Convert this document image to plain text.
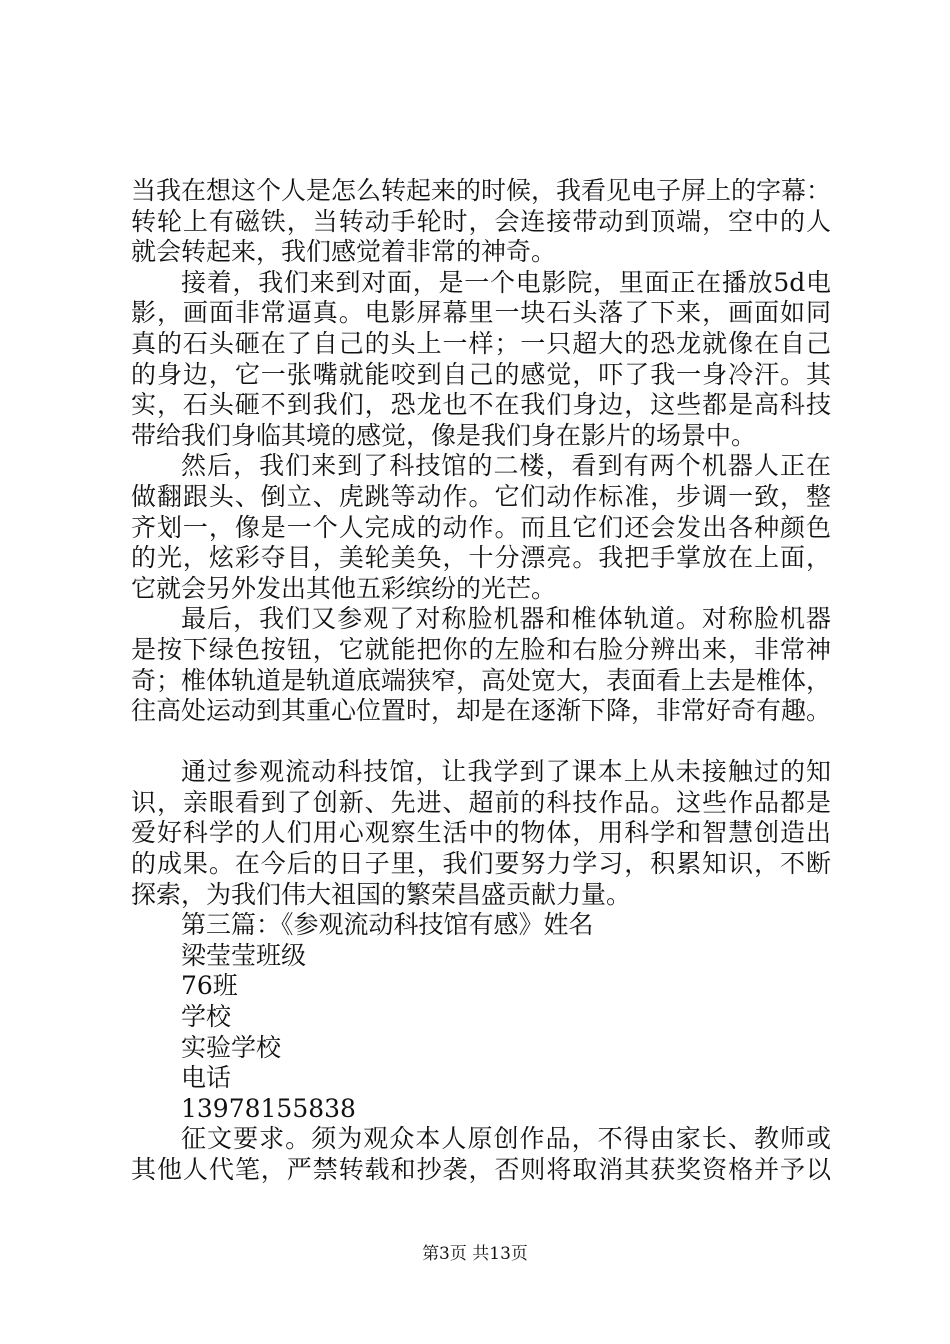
当我在想这个人是怎么转起来的时候，我看见电子屏上的字幕：
转轮上有磁铁，当转动手轮时，会连接带动到顶端，空中的人
就会转起来，我们感觉着非常的神奇。
接着，我们来到对面，是一个电影院，里面正在播放5d电
影，画面非常逼真。电影屏幕里一块石头落了下来，画面如同
真的石头砸在了自己的头上一样；一只超大的恐龙就像在自己
的身边，它一张嘴就能咬到自己的感觉，吓了我一身冷汗。其
实，石头砸不到我们，恐龙也不在我们身边，这些都是高科技
带给我们身临其境的感觉，像是我们身在影片的场景中。
然后，我们来到了科技馆的二楼，看到有两个机器人正在
做翻跟头、倒立、虎跳等动作。它们动作标准，步调一致，整
齐划一，像是一个人完成的动作。而且它们还会发出各种颜色
的光，炫彩夺目，美轮美奂，十分漂亮。我把手掌放在上面，
它就会另外发出其他五彩缤纷的光芒。
最后，我们又参观了对称脸机器和椎体轨道。对称脸机器
是按下绿色按钮，它就能把你的左脸和右脸分辨出来，非常神
奇；椎体轨道是轨道底端狭窄，高处宽大，表面看上去是椎体，
往高处运动到其重心位置时，却是在逐渐下降，非常好奇有趣。
通过参观流动科技馆，让我学到了课本上从未接触过的知
识，亲眼看到了创新、先进、超前的科技作品。这些作品都是
爱好科学的人们用心观察生活中的物体，用科学和智慧创造出
的成果。在今后的日子里，我们要努力学习，积累知识，不断
探索，为我们伟大祖国的繁荣昌盛贡献力量。
第三篇：《参观流动科技馆有感》姓名
梁莹莹班级
76班
学校
实验学校
电话
13978155838
征文要求。须为观众本人原创作品，不得由家长、教师或
其他人代笔，严禁转载和抄袭，否则将取消其获奖资格并予以
第3页 共13页
